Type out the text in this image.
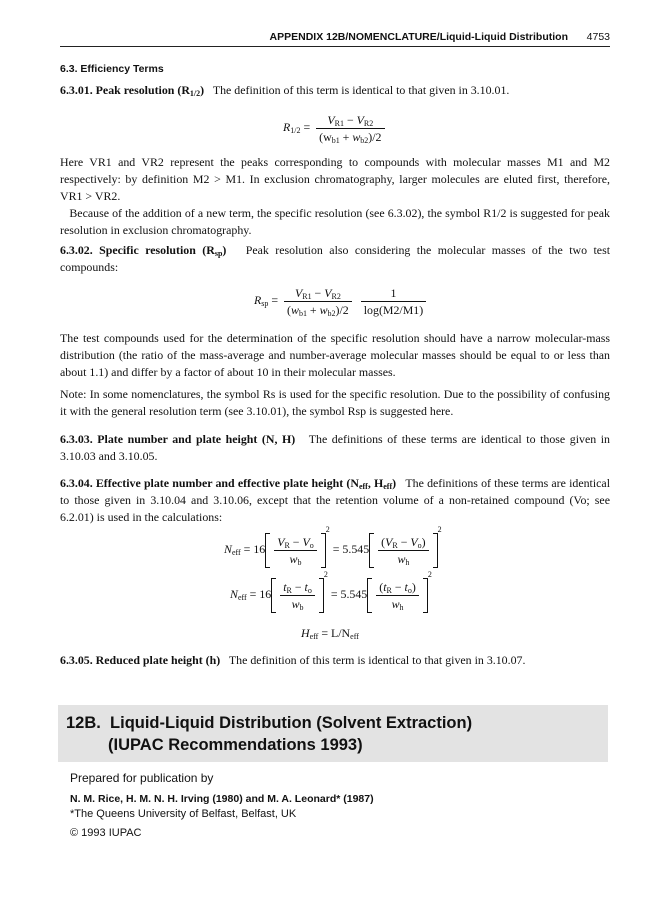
APPENDIX 12B/NOMENCLATURE/Liquid-Liquid Distribution 4753
6.3. Efficiency Terms
6.3.01. Peak resolution $(R_{1/2})$ The definition of this term is identical to that given in 3.10.01.
$R_{1/2} = \frac{V_{R1} - V_{R2}}{(w_{b1} + w_{b2})/2}$
Here VR1 and VR2 represent the peaks corresponding to compounds with molecular masses M1 and M2 respectively: by definition M2 > M1. In exclusion chromatography, larger molecules are eluted first, therefore, VR1 > VR2.
Because of the addition of a new term, the specific resolution (see 6.3.02), the symbol R1/2 is suggested for peak resolution in exclusion chromatography.
6.3.02. Specific resolution $(R_{sp})$ Peak resolution also considering the molecular masses of the two test compounds:
$R_{sp} = \frac{V_{R1} - V_{R2}}{(w_{b1} + w_{b2})/2}$
$\frac{1}{\log(M2/M1)}$
The test compounds used for the determination of the specific resolution should have a narrow molecular-mass distribution (the ratio of the mass-average and number-average molecular masses should be equal to or less than about 1.1) and differ by a factor of about 10 in their molecular masses.
Note: In some nomenclatures, the symbol Rs is used for the specific resolution. Due to the possibility of confusing it with the general resolution term (see 3.10.01), the symbol Rsp is suggested here.
6.3.03. Plate number and plate height (N, H) The definitions of these terms are identical to those given in 3.10.03 and 3.10.05.
6.3.04. Effective plate number and effective plate height ($N_{eff}$, $H_{eff}$) The definitions of these terms are identical to those given in 3.10.04 and 3.10.06, except that the retention volume of a non-retained compound (Vo; see 6.2.01) is used in the calculations:
$N_{eff} = 16 \frac{V_R - V_o}{w_b}$
$2 = 5.545 \frac{(V_R - V_o)}{w_h}$
2
$N_{eff} = 16 \frac{t_R - t_o}{w_b}$
$2 = 5.545 \frac{(t_R - t_o)}{w_h}$
2
$H_{eff} = L/N_{eff}$
6.3.05. Reduced plate height (h) The definition of this term is identical to that given in 3.10.07.
12B. Liquid-Liquid Distribution (Solvent Extraction)
(IUPAC Recommendations 1993)
Prepared for publication by
N. M. Rice, H. M. N. H. Irving (1980) and M. A. Leonard* (1987)
*The Queens University of Belfast, Belfast, UK
© 1993 IUPAC
